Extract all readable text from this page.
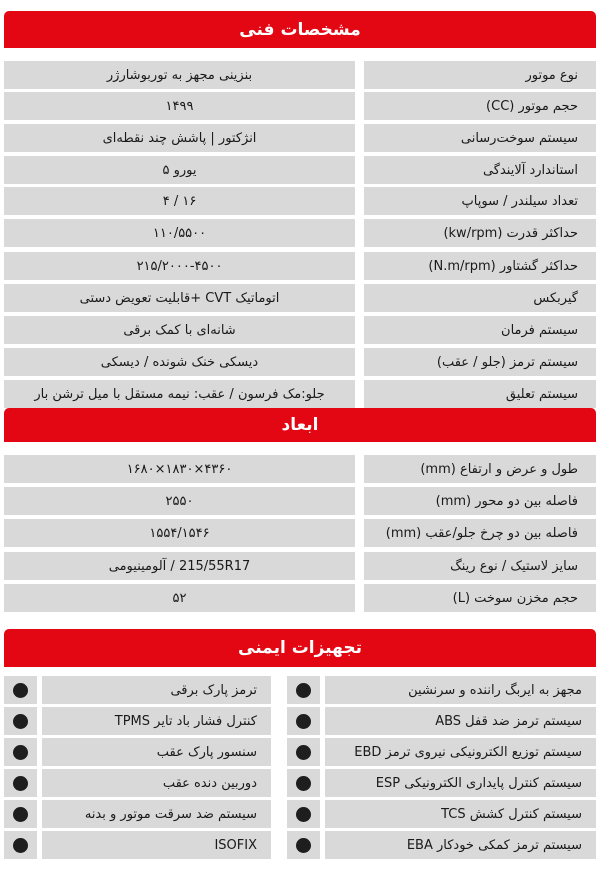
مشخصات فنی
بنزینی مجهز به توربوشارژر	نوع موتور
۱۴۹۹	حجم موتور (CC)
انژکتور | پاشش چند نقطه‌ای	سیستم سوخت‌رسانی
یورو ۵	استاندارد آلایندگی
۱۶ / ۴	تعداد سیلندر / سوپاپ
۱۱۰/۵۵۰۰	حداکثر قدرت (kw/rpm)
۲۱۵/۲۰۰۰-۴۵۰۰	حداکثر گشتاور (N.m/rpm)
اتوماتیک CVT +قابلیت تعویض دستی	گیربکس
شانه‌ای با کمک برقی	سیستم فرمان
دیسکی خنک شونده / دیسکی	سیستم ترمز (جلو / عقب)
جلو:مک فرسون / عقب: نیمه مستقل با میل ترشن بار	سیستم تعلیق
ابعاد
۴۳۶۰×۱۸۳۰×۱۶۸۰	طول و عرض و ارتفاع (mm)
۲۵۵۰	فاصله بین دو محور (mm)
۱۵۵۴/۱۵۴۶	فاصله بین دو چرخ جلو/عقب (mm)
215/55R17 / آلومینیومی	سایز لاستیک / نوع رینگ
۵۲	حجم مخزن سوخت (L)
تجهیزات ایمنی
مجهز به ایربگ راننده و سرنشین
سیستم ترمز ضد قفل ABS
سیستم توزیع الکترونیکی نیروی ترمز EBD
سیستم کنترل پایداری الکترونیکی ESP
سیستم کنترل کشش TCS
سیستم ترمز کمکی خودکار EBA
ترمز پارک برقی
کنترل فشار باد تایر TPMS
سنسور پارک عقب
دوربین دنده عقب
سیستم ضد سرقت موتور و بدنه
ISOFIX
